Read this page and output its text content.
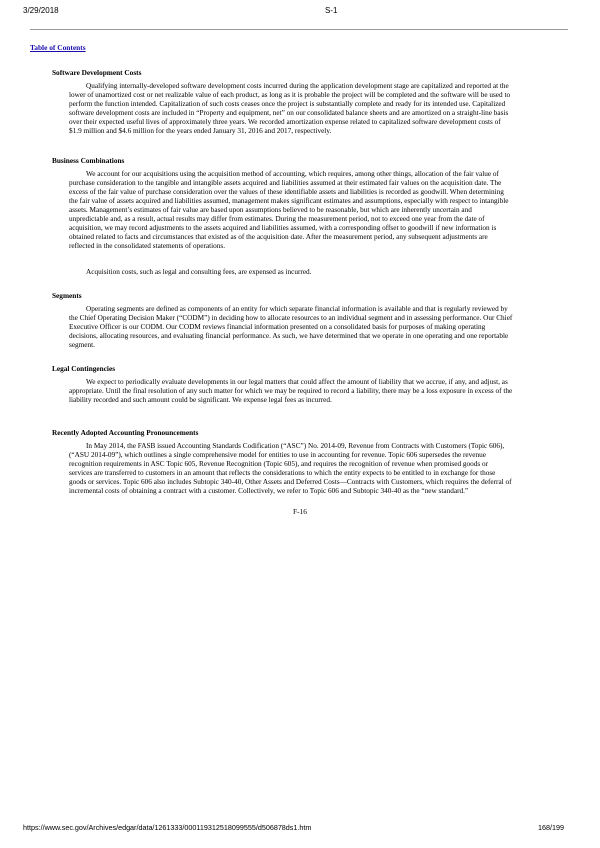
3/29/2018	S-1
Table of Contents
Software Development Costs

Qualifying internally-developed software development costs incurred during the application development stage are capitalized and reported at the
lower of unamortized cost or net realizable value of each product, as long as it is probable the project will be completed and the software will be used to
perform the function intended. Capitalization of such costs ceases once the project is substantially complete and ready for its intended use. Capitalized
software development costs are included in “Property and equipment, net” on our consolidated balance sheets and are amortized on a straight-line basis
over their expected useful lives of approximately three years. We recorded amortization expense related to capitalized software development costs of
$1.9 million and $4.6 million for the years ended January 31, 2016 and 2017, respectively.

Business Combinations

We account for our acquisitions using the acquisition method of accounting, which requires, among other things, allocation of the fair value of
purchase consideration to the tangible and intangible assets acquired and liabilities assumed at their estimated fair values on the acquisition date. The
excess of the fair value of purchase consideration over the values of these identifiable assets and liabilities is recorded as goodwill. When determining
the fair value of assets acquired and liabilities assumed, management makes significant estimates and assumptions, especially with respect to intangible
assets. Management’s estimates of fair value are based upon assumptions believed to be reasonable, but which are inherently uncertain and
unpredictable and, as a result, actual results may differ from estimates. During the measurement period, not to exceed one year from the date of
acquisition, we may record adjustments to the assets acquired and liabilities assumed, with a corresponding offset to goodwill if new information is
obtained related to facts and circumstances that existed as of the acquisition date. After the measurement period, any subsequent adjustments are
reflected in the consolidated statements of operations.

Acquisition costs, such as legal and consulting fees, are expensed as incurred.

Segments

Operating segments are defined as components of an entity for which separate financial information is available and that is regularly reviewed by
the Chief Operating Decision Maker (“CODM”) in deciding how to allocate resources to an individual segment and in assessing performance. Our Chief
Executive Officer is our CODM. Our CODM reviews financial information presented on a consolidated basis for purposes of making operating
decisions, allocating resources, and evaluating financial performance. As such, we have determined that we operate in one operating and one reportable
segment.

Legal Contingencies

We expect to periodically evaluate developments in our legal matters that could affect the amount of liability that we accrue, if any, and adjust, as
appropriate. Until the final resolution of any such matter for which we may be required to record a liability, there may be a loss exposure in excess of the
liability recorded and such amount could be significant. We expense legal fees as incurred.

Recently Adopted Accounting Pronouncements

In May 2014, the FASB issued Accounting Standards Codification (“ASC”) No. 2014-09, Revenue from Contracts with Customers (Topic 606),
(“ASU 2014-09”), which outlines a single comprehensive model for entities to use in accounting for revenue. Topic 606 supersedes the revenue
recognition requirements in ASC Topic 605, Revenue Recognition (Topic 605), and requires the recognition of revenue when promised goods or
services are transferred to customers in an amount that reflects the considerations to which the entity expects to be entitled to in exchange for those
goods or services. Topic 606 also includes Subtopic 340-40, Other Assets and Deferred Costs—Contracts with Customers, which requires the deferral of
incremental costs of obtaining a contract with a customer. Collectively, we refer to Topic 606 and Subtopic 340-40 as the “new standard.”

F-16
https://www.sec.gov/Archives/edgar/data/1261333/000119312518099555/d506878ds1.htm	168/199
